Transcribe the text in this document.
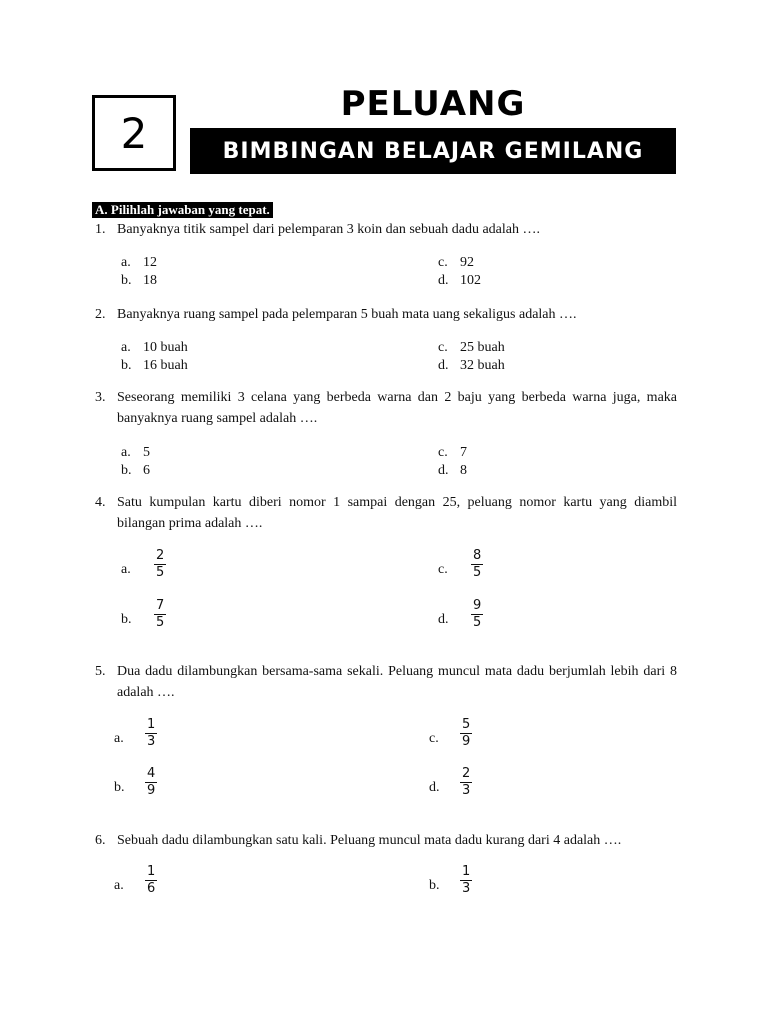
2
PELUANG
BIMBINGAN BELAJAR GEMILANG
A. Pilihlah jawaban yang tepat.
1. Banyaknya titik sampel dari pelemparan 3 koin dan sebuah dadu adalah ….
a. 12
b. 18
c. 92
d. 102
2. Banyaknya ruang sampel pada pelemparan 5 buah mata uang sekaligus adalah ….
a. 10 buah
b. 16 buah
c. 25 buah
d. 32 buah
3. Seseorang memiliki 3 celana yang berbeda warna dan 2 baju yang berbeda warna juga, maka banyaknya ruang sampel adalah ….
a. 5
b. 6
c. 7
d. 8
4. Satu kumpulan kartu diberi nomor 1 sampai dengan 25, peluang nomor kartu yang diambil bilangan prima adalah ….
a. $\frac{2}{5}$
b. $\frac{7}{5}$
c. $\frac{8}{5}$
d. $\frac{9}{5}$
5. Dua dadu dilambungkan bersama-sama sekali. Peluang muncul mata dadu berjumlah lebih dari 8 adalah ….
a. $\frac{1}{3}$
b. $\frac{4}{9}$
c. $\frac{5}{9}$
d. $\frac{2}{3}$
6. Sebuah dadu dilambungkan satu kali. Peluang muncul mata dadu kurang dari 4 adalah ….
a. $\frac{1}{6}$	b. $\frac{1}{3}$
